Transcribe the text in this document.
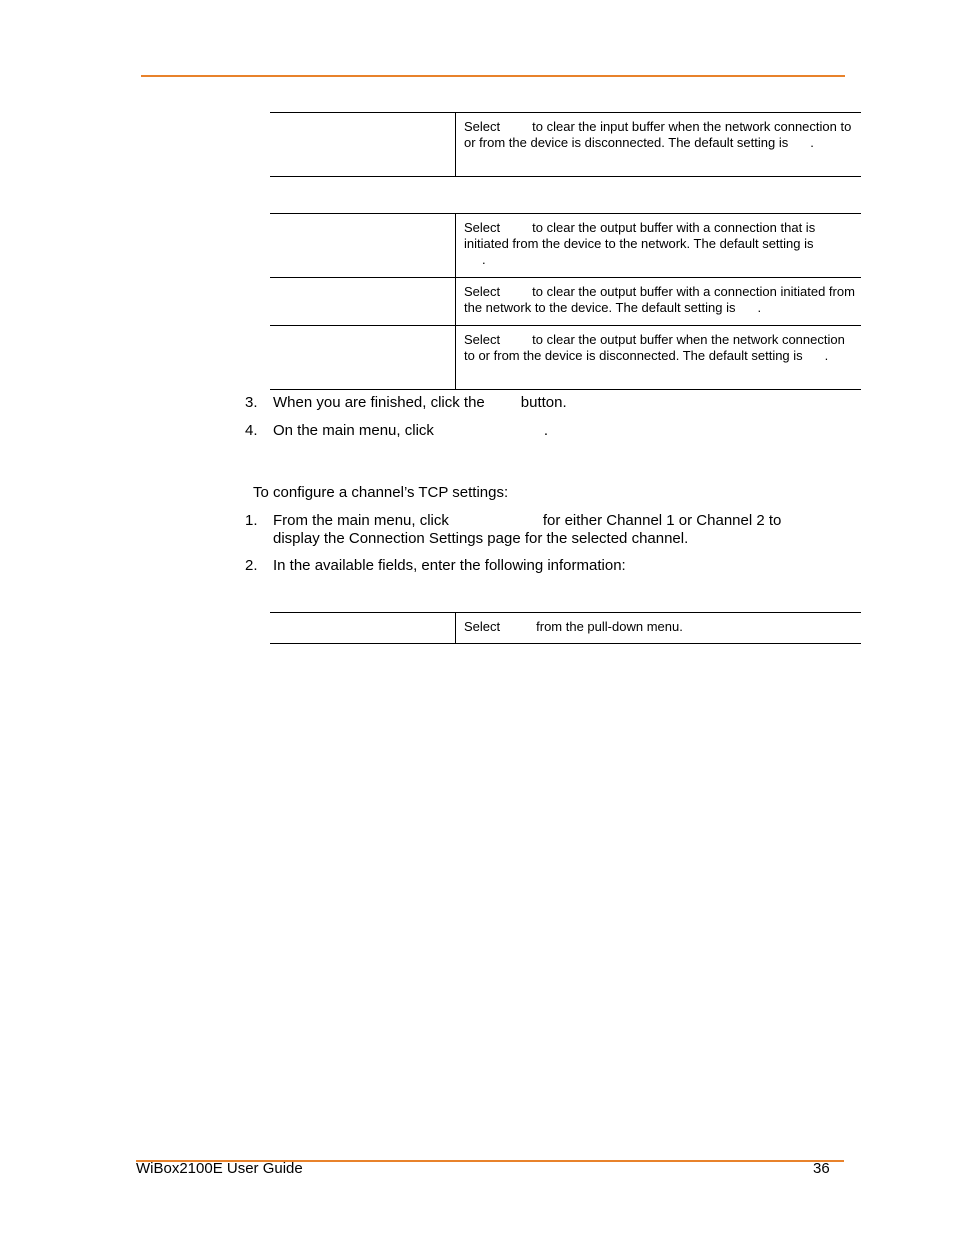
Select to clear the input buffer when the network connection to or from the device is disconnected. The default setting is .
Select to clear the output buffer with a connection that is initiated from the device to the network. The default setting is
.
Select to clear the output buffer with a connection initiated from the network to the device. The default setting is .
Select to clear the output buffer when the network connection to or from the device is disconnected. The default setting is .
3. When you are finished, click the button.
4. On the main menu, click	.
To configure a channel’s TCP settings:
1. From the main menu, click	for either Channel 1 or Channel 2 to
display the Connection Settings page for the selected channel.
2. In the available fields, enter the following information:
Select	from the pull-down menu.
WiBox2100E User Guide	36
